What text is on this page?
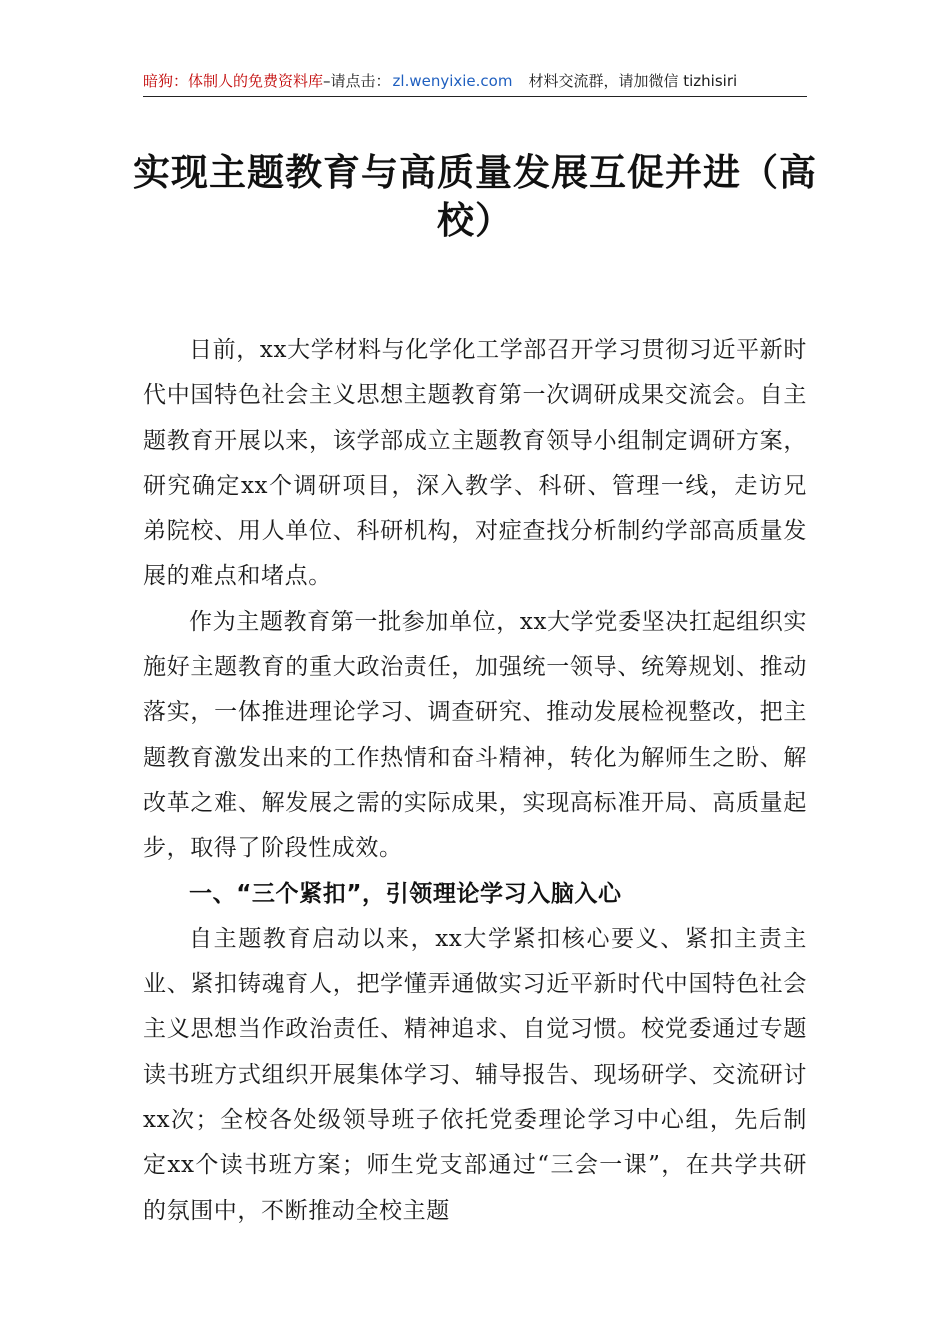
暗狗：体制人的免费资料库–请点击： zl.wenyixie.com 材料交流群，请加微信 tizhisiri
实现主题教育与高质量发展互促并进（高
校）

日前，xx大学材料与化学化工学部召开学习贯彻习近平新时代中国特色社会主义思想主题教育第一次调研成果交流会。自主题教育开展以来，该学部成立主题教育领导小组制定调研方案，研究确定xx个调研项目，深入教学、科研、管理一线，走访兄弟院校、用人单位、科研机构，对症查找分析制约学部高质量发展的难点和堵点。

作为主题教育第一批参加单位，xx大学党委坚决扛起组织实施好主题教育的重大政治责任，加强统一领导、统筹规划、推动落实，一体推进理论学习、调查研究、推动发展检视整改，把主题教育激发出来的工作热情和奋斗精神，转化为解师生之盼、解改革之难、解发展之需的实际成果，实现高标准开局、高质量起步，取得了阶段性成效。

一、“三个紧扣”，引领理论学习入脑入心

自主题教育启动以来，xx大学紧扣核心要义、紧扣主责主业、紧扣铸魂育人，把学懂弄通做实习近平新时代中国特色社会主义思想当作政治责任、精神追求、自觉习惯。校党委通过专题读书班方式组织开展集体学习、辅导报告、现场研学、交流研讨xx次；全校各处级领导班子依托党委理论学习中心组，先后制定xx个读书班方案；师生党支部通过“三会一课”，在共学共研的氛围中，不断推动全校主题
